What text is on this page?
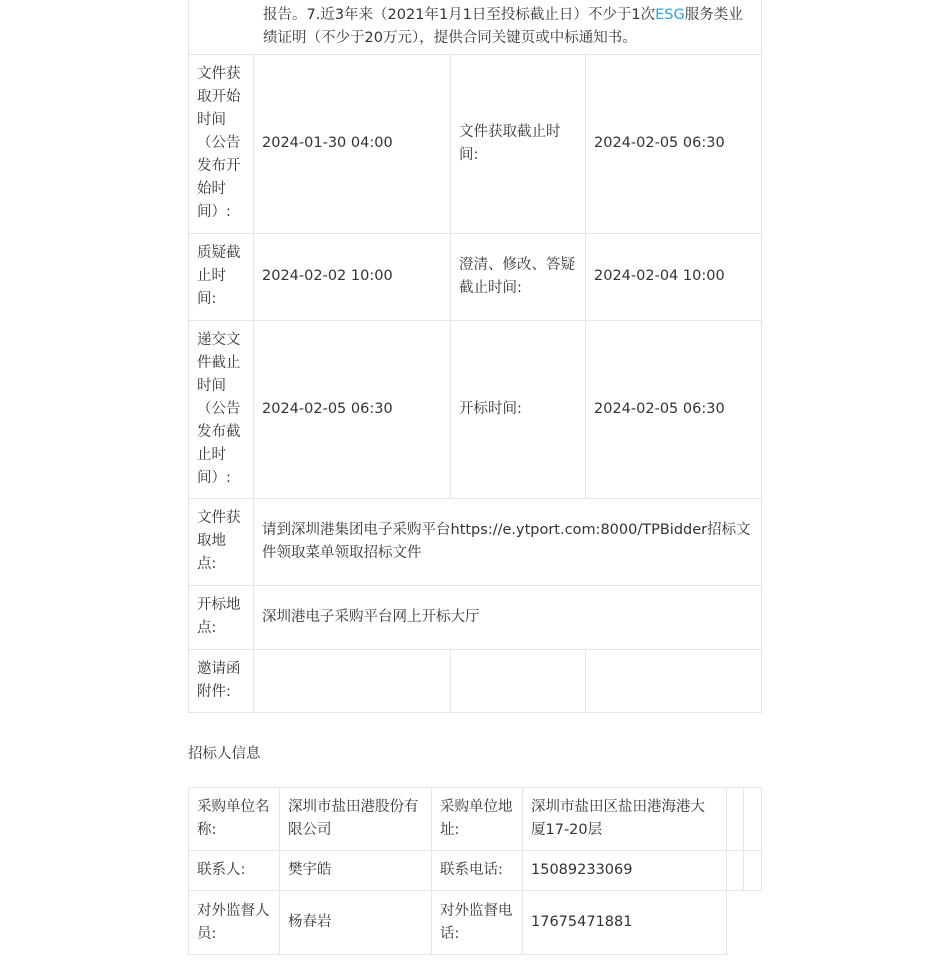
报告。7.近3年来（2021年1月1日至投标截止日）不少于1次ESG服务类业绩证明（不少于20万元），提供合同关键页或中标通知书。			
文件获取开始时间（公告发布开始时间）:	2024-01-30 04:00	文件获取截止时间:	2024-02-05 06:30
质疑截止时间:	2024-02-02 10:00	澄清、修改、答疑截止时间:	2024-02-04 10:00
递交文件截止时间（公告发布截止时间）:	2024-02-05 06:30	开标时间:	2024-02-05 06:30
文件获取地点:	请到深圳港集团电子采购平台https://e.ytport.com:8000/TPBidder招标文件领取菜单领取招标文件		
开标地点:	深圳港电子采购平台网上开标大厅		
邀请函附件:			
招标人信息
采购单位名称:	深圳市盐田港股份有限公司	采购单位地址:	深圳市盐田区盐田港海港大厦17-20层		
联系人:	樊宇皓	联系电话:	15089233069		
对外监督人员:	杨春岩	对外监督电话:	17675471881		
